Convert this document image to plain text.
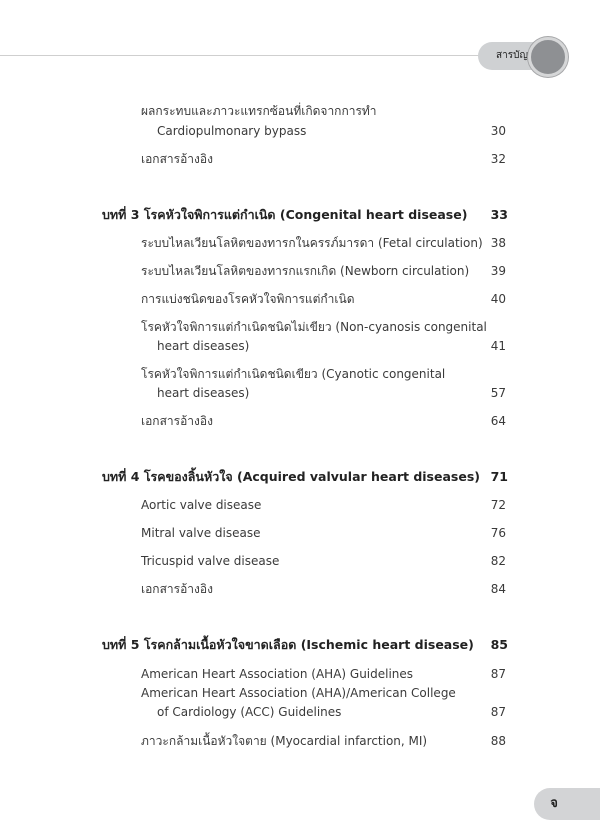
สารบัญ
ผลกระทบและภาวะแทรกซ้อนที่เกิดจากการทำ
Cardiopulmonary bypass	30
เอกสารอ้างอิง	32
บทที่ 3 โรคหัวใจพิการแต่กำเนิด (Congenital heart disease) 33
ระบบไหลเวียนโลหิตของทารกในครรภ์มารดา (Fetal circulation) 38
ระบบไหลเวียนโลหิตของทารกแรกเกิด (Newborn circulation) 39
การแบ่งชนิดของโรคหัวใจพิการแต่กำเนิด	40
โรคหัวใจพิการแต่กำเนิดชนิดไม่เขียว (Non-cyanosis congenital
heart diseases)	41
โรคหัวใจพิการแต่กำเนิดชนิดเขียว (Cyanotic congenital
heart diseases)	57
เอกสารอ้างอิง	64
บทที่ 4 โรคของลิ้นหัวใจ (Acquired valvular heart diseases) 71
Aortic valve disease	72
Mitral valve disease	76
Tricuspid valve disease	82
เอกสารอ้างอิง	84
บทที่ 5 โรคกล้ามเนื้อหัวใจขาดเลือด (Ischemic heart disease) 85
American Heart Association (AHA) Guidelines	87
American Heart Association (AHA)/American College
of Cardiology (ACC) Guidelines	87
ภาวะกล้ามเนื้อหัวใจตาย (Myocardial infarction, MI)	88
จ
